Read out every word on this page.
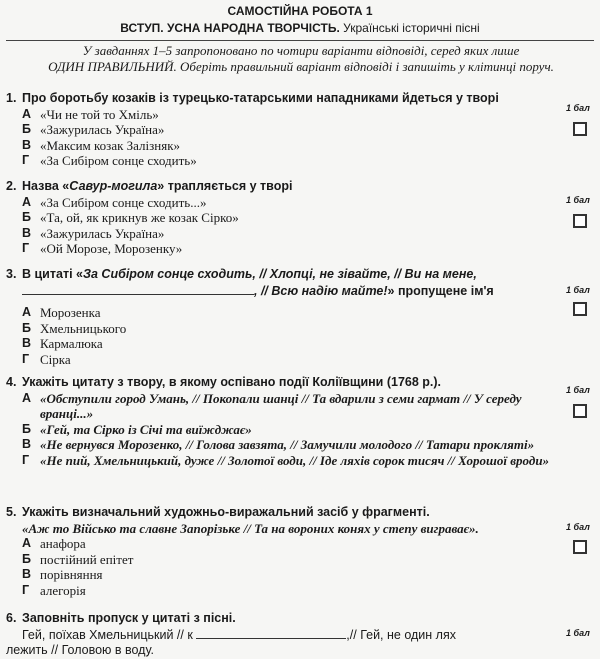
САМОСТІЙНА РОБОТА 1
ВСТУП. УСНА НАРОДНА ТВОРЧІСТЬ. Українські історичні пісні
У завданнях 1–5 запропоновано по чотири варіанти відповіді, серед яких лише
ОДИН ПРАВИЛЬНИЙ. Оберіть правильний варіант відповіді і запишіть у клітинці поруч.
1. Про боротьбу козаків із турецько-татарськими нападниками йдеться у творі
А «Чи не той то Хміль»
Б «Зажурилась Україна»
В «Максим козак Залізняк»
Г «За Сибіром сонце сходить»
1 бал
2. Назва «Савур-могила» трапляється у творі
А «За Сибіром сонце сходить...»
Б «Та, ой, як крикнув же козак Сірко»
В «Зажурилась Україна»
Г «Ой Морозе, Морозенку»
1 бал
3. В цитаті «За Сибіром сонце сходить, // Хлопці, не зівайте, // Ви на мене,
, // Всю надію майте!» пропущене ім'я
А Морозенка
Б Хмельницького
В Кармалюка
Г Сірка
1 бал
4. Укажіть цитату з твору, в якому оспівано події Коліївщини (1768 р.).
А «Обступили город Умань, // Покопали шанці // Та вдарили з семи гармат // У середу вранці...»
Б «Гей, та Сірко із Січі та виїжджає»
В «Не вернувся Морозенко, // Голова завзята, // Замучили молодого // Татари прокляті»
Г «Не пий, Хмельницький, дуже // Золотої води, // Іде ляхів сорок тисяч // Хорошої вроди»
1 бал
5. Укажіть визначальний художньо-виражальний засіб у фрагменті.
«Аж то Військо та славне Запорізьке // Та на вороних конях у степу виграває».
А анафора
Б постійний епітет
В порівняння
Г алегорія
1 бал
6. Заповніть пропуск у цитаті з пісні.
Гей, поїхав Хмельницький // к	,// Гей, не один лях
лежить // Головою в воду.
1 бал
